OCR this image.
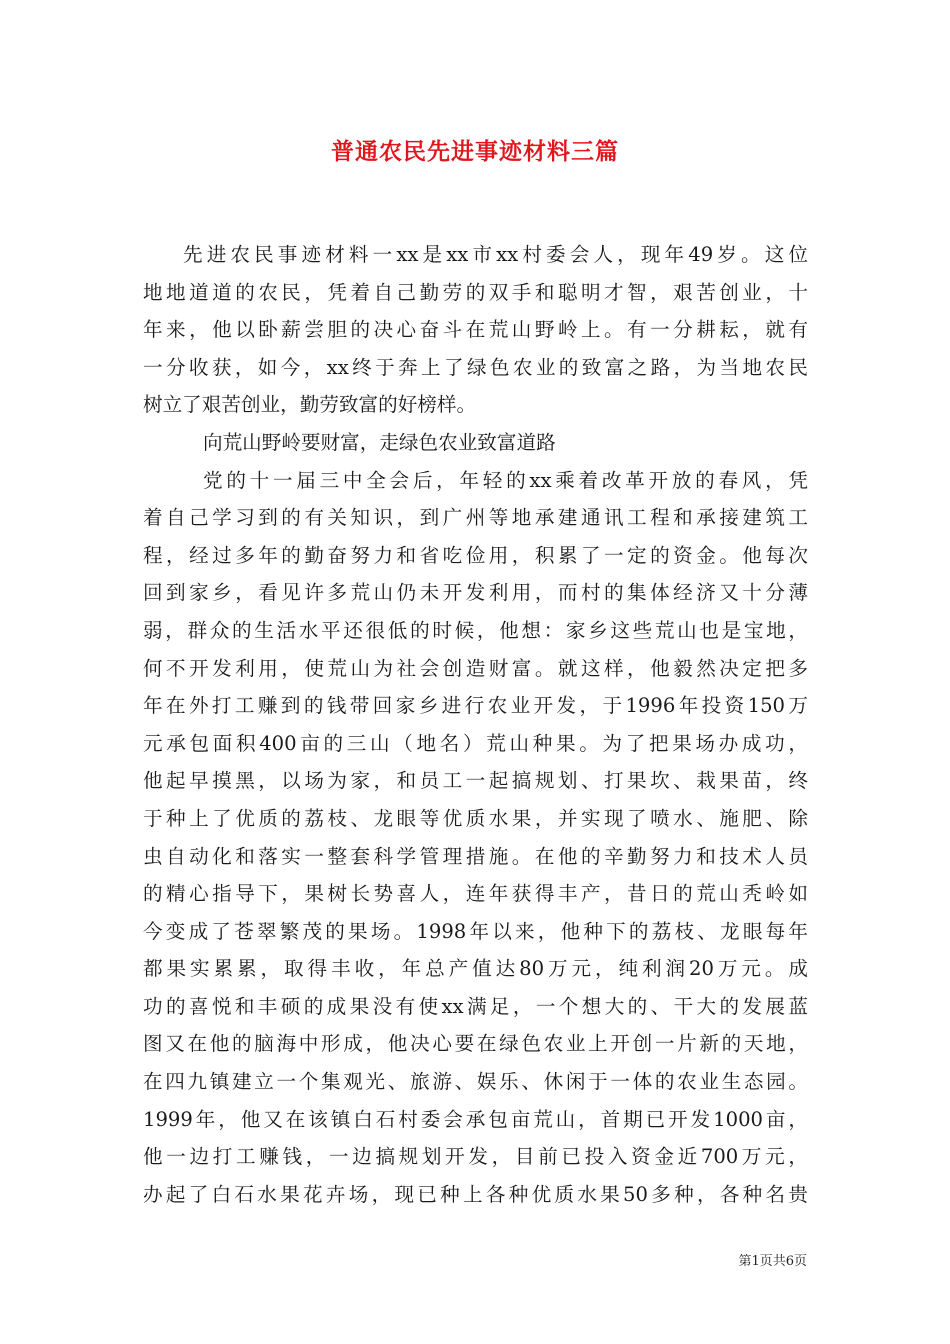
普通农民先进事迹材料三篇
先进农民事迹材料一xx是xx市xx村委会人，现年49岁。这位
地地道道的农民，凭着自己勤劳的双手和聪明才智，艰苦创业，十
年来，他以卧薪尝胆的决心奋斗在荒山野岭上。有一分耕耘，就有
一分收获，如今，xx终于奔上了绿色农业的致富之路，为当地农民
树立了艰苦创业，勤劳致富的好榜样。
向荒山野岭要财富，走绿色农业致富道路
党的十一届三中全会后，年轻的xx乘着改革开放的春风，凭
着自己学习到的有关知识，到广州等地承建通讯工程和承接建筑工
程，经过多年的勤奋努力和省吃俭用，积累了一定的资金。他每次
回到家乡，看见许多荒山仍未开发利用，而村的集体经济又十分薄
弱，群众的生活水平还很低的时候，他想：家乡这些荒山也是宝地，
何不开发利用，使荒山为社会创造财富。就这样，他毅然决定把多
年在外打工赚到的钱带回家乡进行农业开发，于1996年投资150万
元承包面积400亩的三山（地名）荒山种果。为了把果场办成功，
他起早摸黑，以场为家，和员工一起搞规划、打果坎、栽果苗，终
于种上了优质的荔枝、龙眼等优质水果，并实现了喷水、施肥、除
虫自动化和落实一整套科学管理措施。在他的辛勤努力和技术人员
的精心指导下，果树长势喜人，连年获得丰产，昔日的荒山秃岭如
今变成了苍翠繁茂的果场。1998年以来，他种下的荔枝、龙眼每年
都果实累累，取得丰收，年总产值达80万元，纯利润20万元。成
功的喜悦和丰硕的成果没有使xx满足，一个想大的、干大的发展蓝
图又在他的脑海中形成，他决心要在绿色农业上开创一片新的天地，
在四九镇建立一个集观光、旅游、娱乐、休闲于一体的农业生态园。
1999年，他又在该镇白石村委会承包亩荒山，首期已开发1000亩，
他一边打工赚钱，一边搞规划开发，目前已投入资金近700万元，
办起了白石水果花卉场，现已种上各种优质水果50多种，各种名贵
第1页共6页
